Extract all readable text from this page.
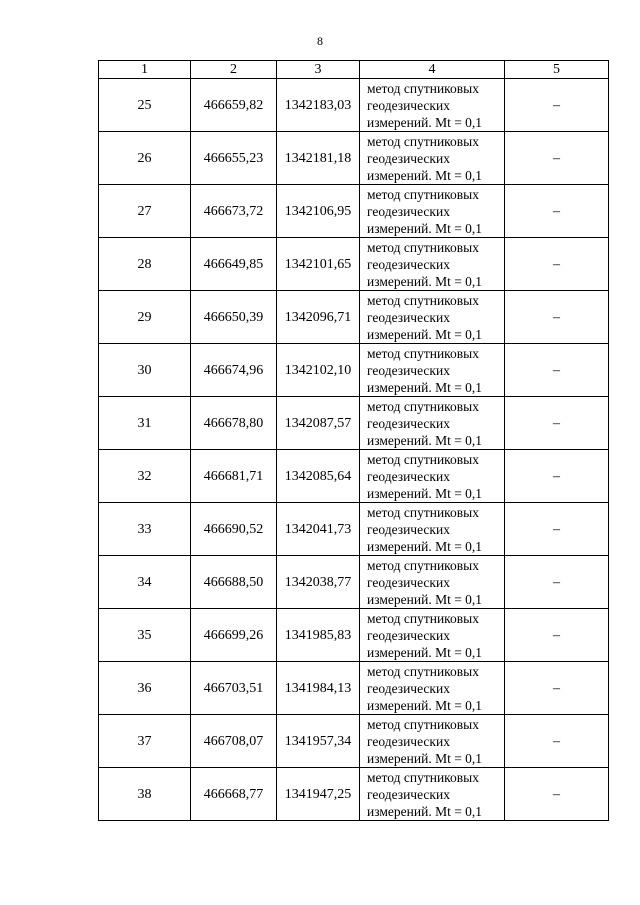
8
1	2	3	4	5
25	466659,82	1342183,03	метод спутниковых геодезических измерений. Mt = 0,1	–
26	466655,23	1342181,18	метод спутниковых геодезических измерений. Mt = 0,1	–
27	466673,72	1342106,95	метод спутниковых геодезических измерений. Mt = 0,1	–
28	466649,85	1342101,65	метод спутниковых геодезических измерений. Mt = 0,1	–
29	466650,39	1342096,71	метод спутниковых геодезических измерений. Mt = 0,1	–
30	466674,96	1342102,10	метод спутниковых геодезических измерений. Mt = 0,1	–
31	466678,80	1342087,57	метод спутниковых геодезических измерений. Mt = 0,1	–
32	466681,71	1342085,64	метод спутниковых геодезических измерений. Mt = 0,1	–
33	466690,52	1342041,73	метод спутниковых геодезических измерений. Mt = 0,1	–
34	466688,50	1342038,77	метод спутниковых геодезических измерений. Mt = 0,1	–
35	466699,26	1341985,83	метод спутниковых геодезических измерений. Mt = 0,1	–
36	466703,51	1341984,13	метод спутниковых геодезических измерений. Mt = 0,1	–
37	466708,07	1341957,34	метод спутниковых геодезических измерений. Mt = 0,1	–
38	466668,77	1341947,25	метод спутниковых геодезических измерений. Mt = 0,1	–
